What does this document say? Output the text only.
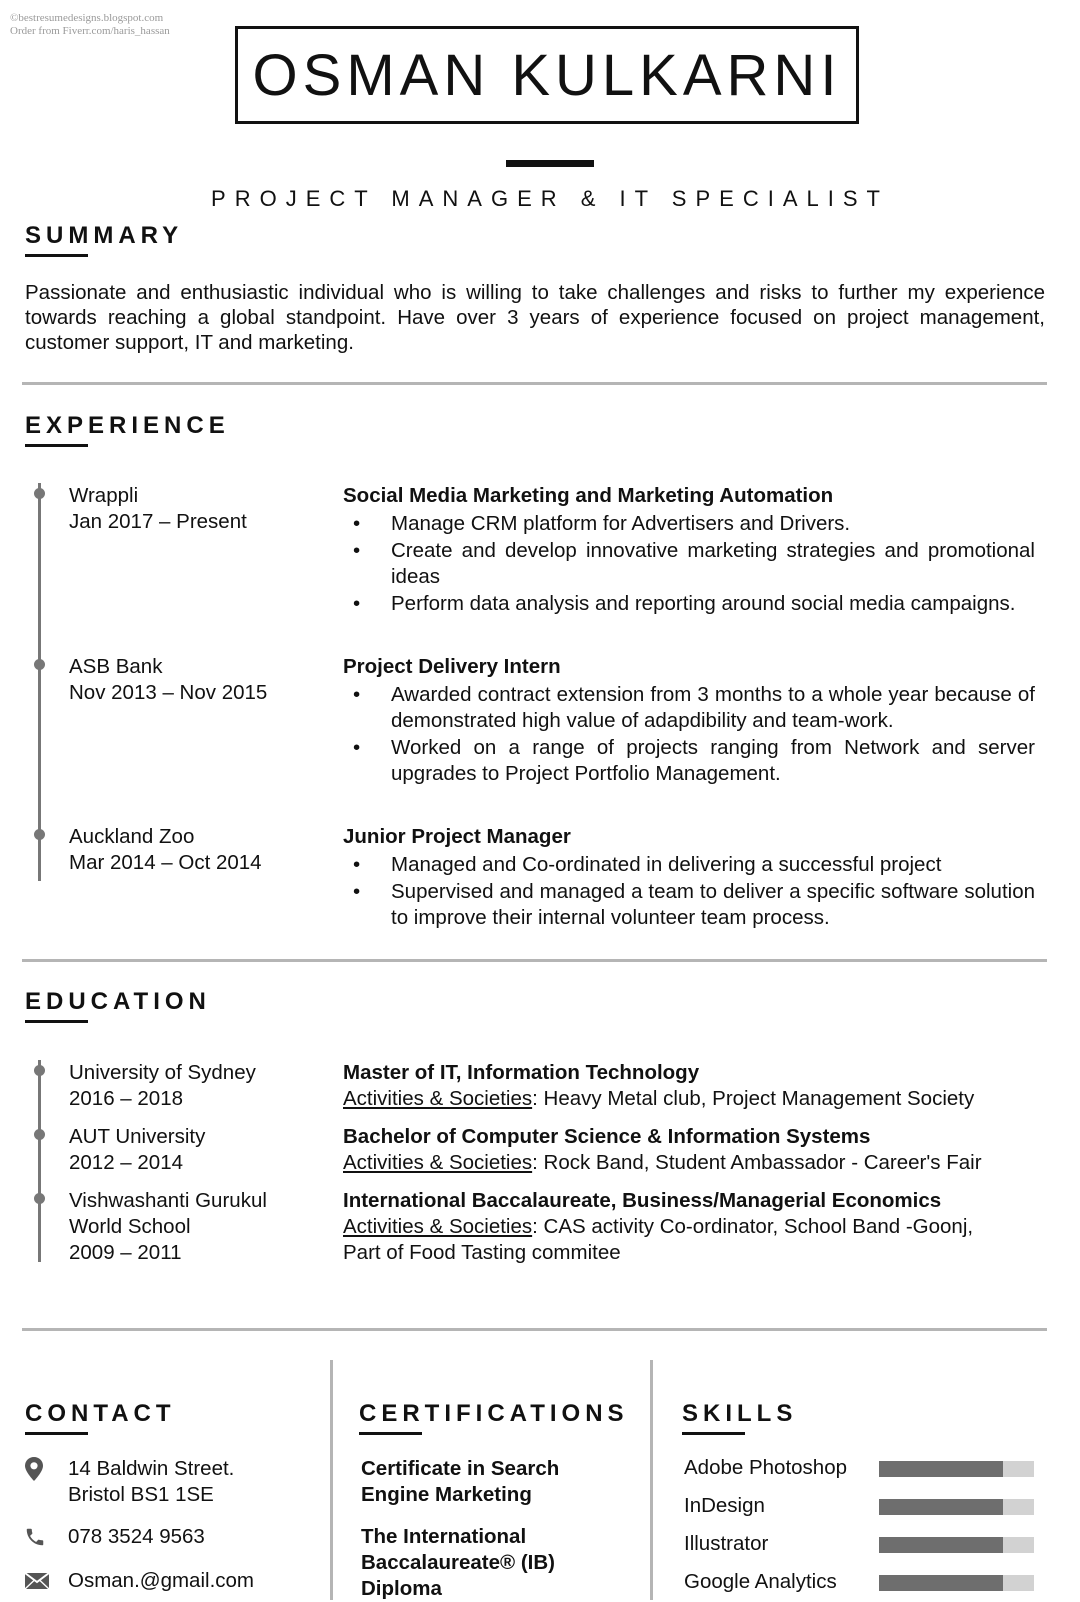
©bestresumedesigns.blogspot.com
Order from Fiverr.com/haris_hassan
OSMAN KULKARNI
PROJECT MANAGER & IT SPECIALIST
SUMMARY
Passionate and enthusiastic individual who is willing to take challenges and risks to further my experience towards reaching a global standpoint. Have over 3 years of experience focused on project management, customer support, IT and marketing.
EXPERIENCE
Wrappli
Jan 2017 – Present
Social Media Marketing and Marketing Automation
• Manage CRM platform for Advertisers and Drivers.
• Create and develop innovative marketing strategies and promotional ideas
• Perform data analysis and reporting around social media campaigns.
ASB Bank
Nov 2013 – Nov 2015
Project Delivery Intern
• Awarded contract extension from 3 months to a whole year because of demonstrated high value of adapdibility and team-work.
• Worked on a range of projects ranging from Network and server upgrades to Project Portfolio Management.
Auckland Zoo
Mar 2014 – Oct 2014
Junior Project Manager
• Managed and Co-ordinated in delivering a successful project
• Supervised and managed a team to deliver a specific software solution to improve their internal volunteer team process.
EDUCATION
University of Sydney
2016 – 2018
Master of IT, Information Technology
Activities & Societies: Heavy Metal club, Project Management Society
AUT University
2012 – 2014
Bachelor of Computer Science & Information Systems
Activities & Societies: Rock Band, Student Ambassador - Career's Fair
Vishwashanti Gurukul
World School
2009 – 2011
International Baccalaureate, Business/Managerial Economics
Activities & Societies: CAS activity Co-ordinator, School Band -Goonj,
Part of Food Tasting commitee
CONTACT
14 Baldwin Street.
Bristol BS1 1SE
078 3524 9563
Osman.@gmail.com
CERTIFICATIONS
Certificate in Search
Engine Marketing
The International
Baccalaureate® (IB)
Diploma
SKILLS
Adobe Photoshop
InDesign
Illustrator
Google Analytics
